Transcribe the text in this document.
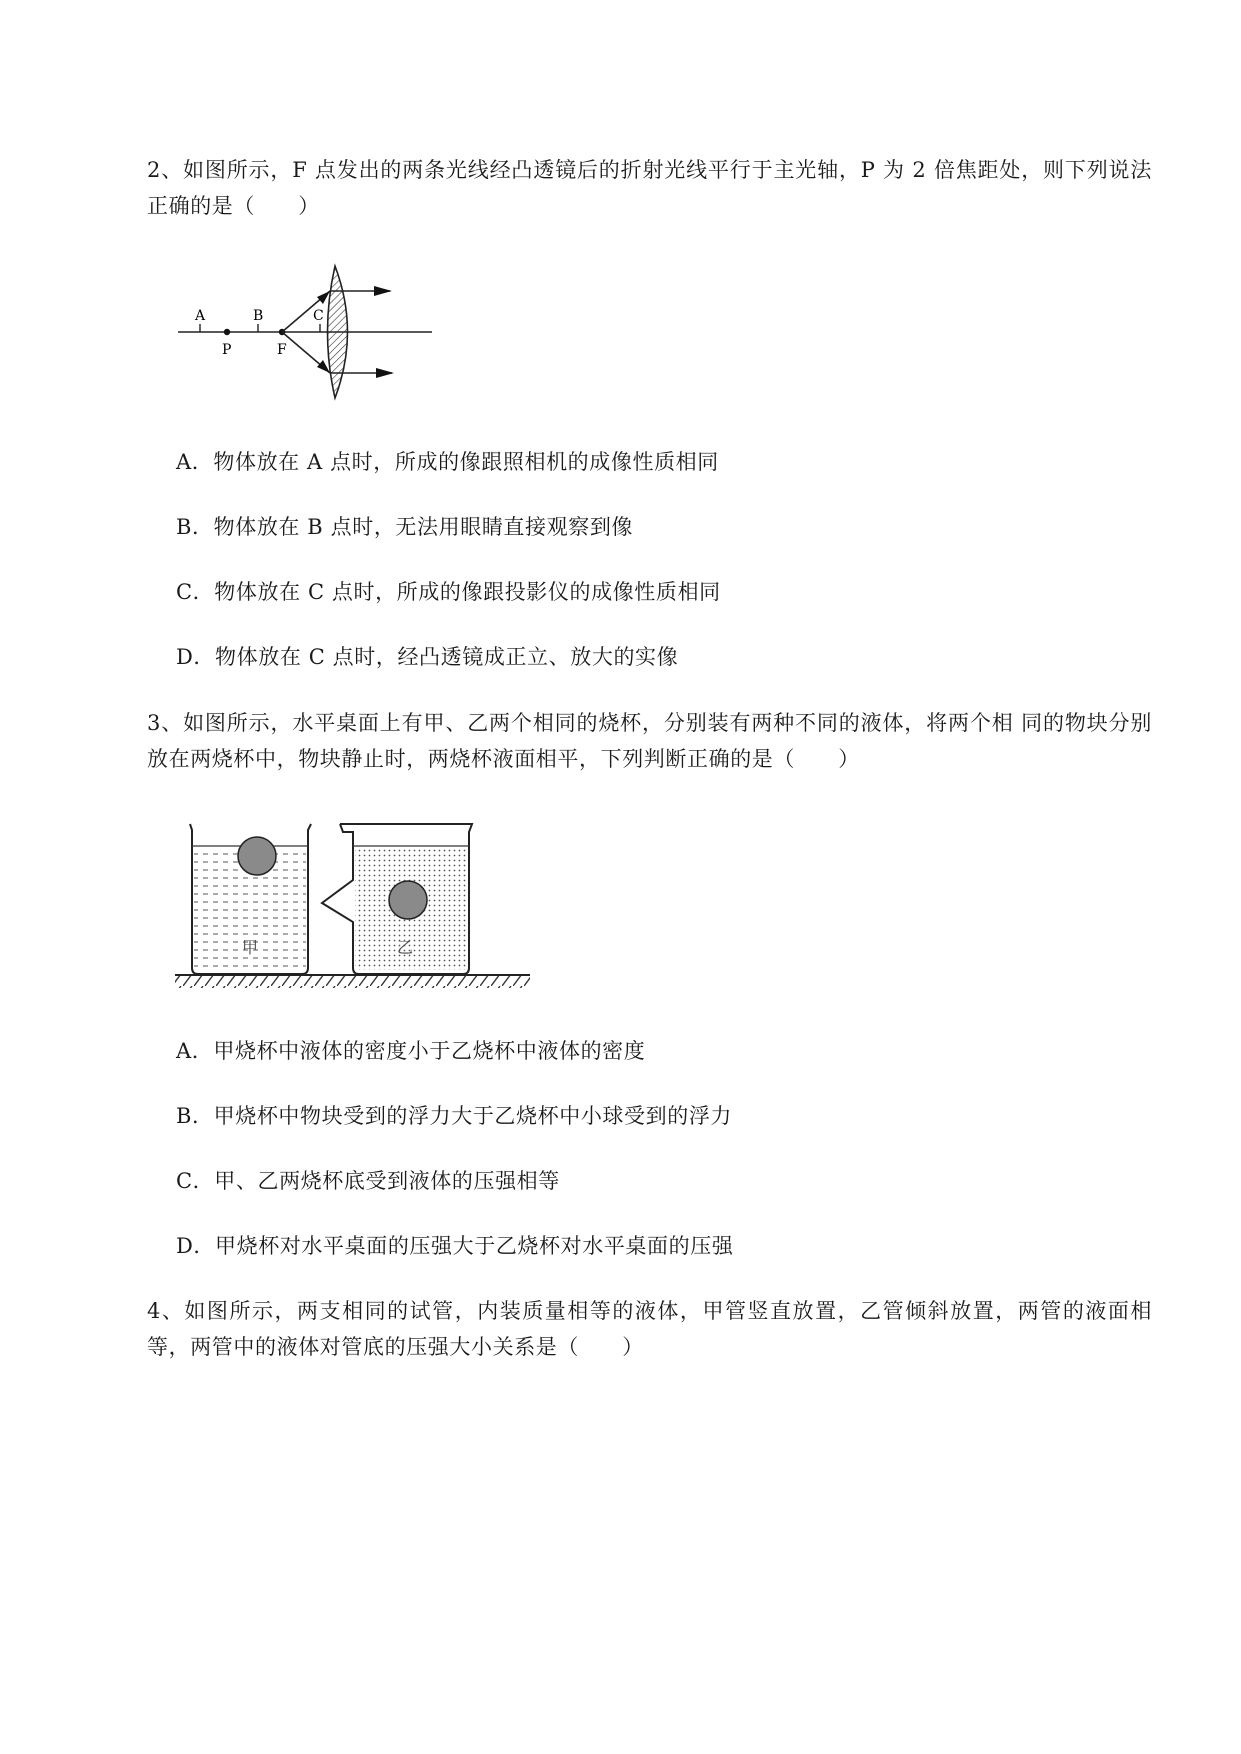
2、如图所示，F 点发出的两条光线经凸透镜后的折射光线平行于主光轴，P 为 2 倍焦距处，则下列说法正确的是（　　）
A	B	C
P	F
A．物体放在 A 点时，所成的像跟照相机的成像性质相同
B．物体放在 B 点时，无法用眼睛直接观察到像
C．物体放在 C 点时，所成的像跟投影仪的成像性质相同
D．物体放在 C 点时，经凸透镜成正立、放大的实像
3、如图所示，水平桌面上有甲、乙两个相同的烧杯，分别装有两种不同的液体，将两个相 同的物块分别放在两烧杯中，物块静止时，两烧杯液面相平，下列判断正确的是（　　）
甲	乙
A．甲烧杯中液体的密度小于乙烧杯中液体的密度
B．甲烧杯中物块受到的浮力大于乙烧杯中小球受到的浮力
C．甲、乙两烧杯底受到液体的压强相等
D．甲烧杯对水平桌面的压强大于乙烧杯对水平桌面的压强
4、如图所示，两支相同的试管，内装质量相等的液体，甲管竖直放置，乙管倾斜放置，两管的液面相等，两管中的液体对管底的压强大小关系是（　　）
